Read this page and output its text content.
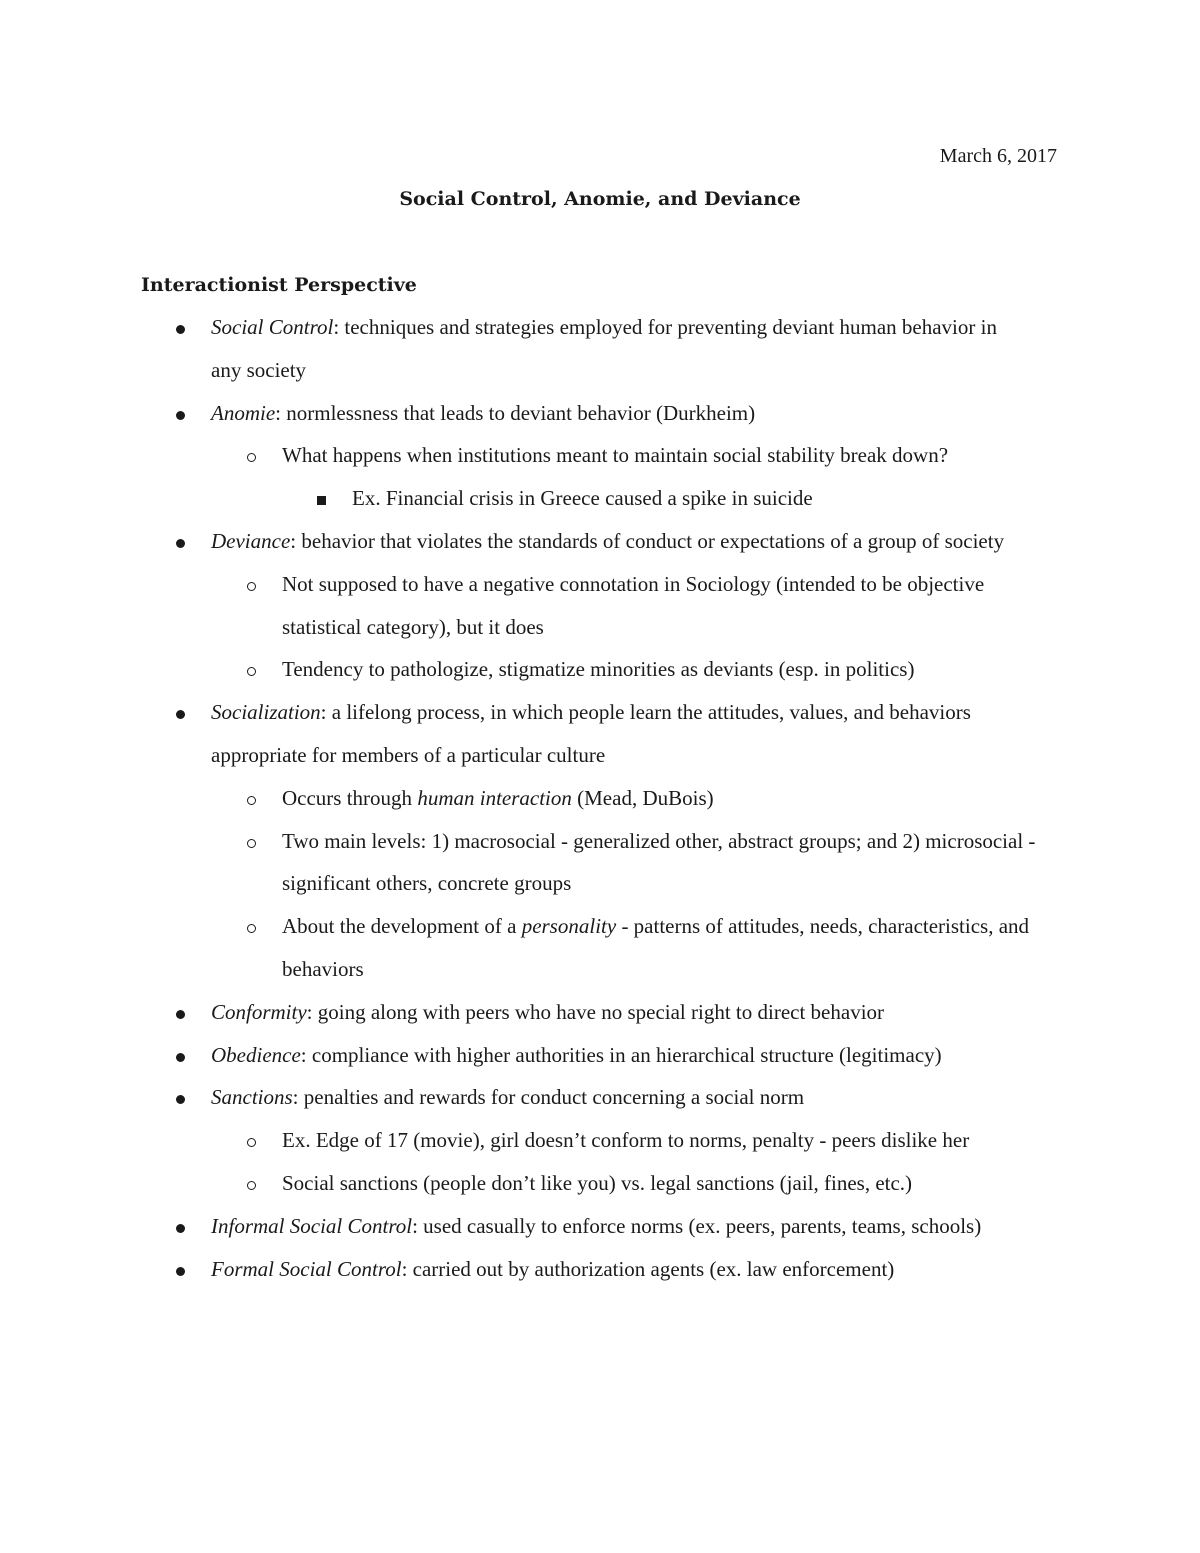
March 6, 2017
Social Control, Anomie, and Deviance
Interactionist Perspective
Social Control: techniques and strategies employed for preventing deviant human behavior in any society
Anomie: normlessness that leads to deviant behavior (Durkheim)
What happens when institutions meant to maintain social stability break down?
Ex. Financial crisis in Greece caused a spike in suicide
Deviance: behavior that violates the standards of conduct or expectations of a group of society
Not supposed to have a negative connotation in Sociology (intended to be objective statistical category), but it does
Tendency to pathologize, stigmatize minorities as deviants (esp. in politics)
Socialization: a lifelong process, in which people learn the attitudes, values, and behaviors appropriate for members of a particular culture
Occurs through human interaction (Mead, DuBois)
Two main levels: 1) macrosocial - generalized other, abstract groups; and 2) microsocial - significant others, concrete groups
About the development of a personality - patterns of attitudes, needs, characteristics, and behaviors
Conformity: going along with peers who have no special right to direct behavior
Obedience: compliance with higher authorities in an hierarchical structure (legitimacy)
Sanctions: penalties and rewards for conduct concerning a social norm
Ex. Edge of 17 (movie), girl doesn’t conform to norms, penalty - peers dislike her
Social sanctions (people don’t like you) vs. legal sanctions (jail, fines, etc.)
Informal Social Control: used casually to enforce norms (ex. peers, parents, teams, schools)
Formal Social Control: carried out by authorization agents (ex. law enforcement)
